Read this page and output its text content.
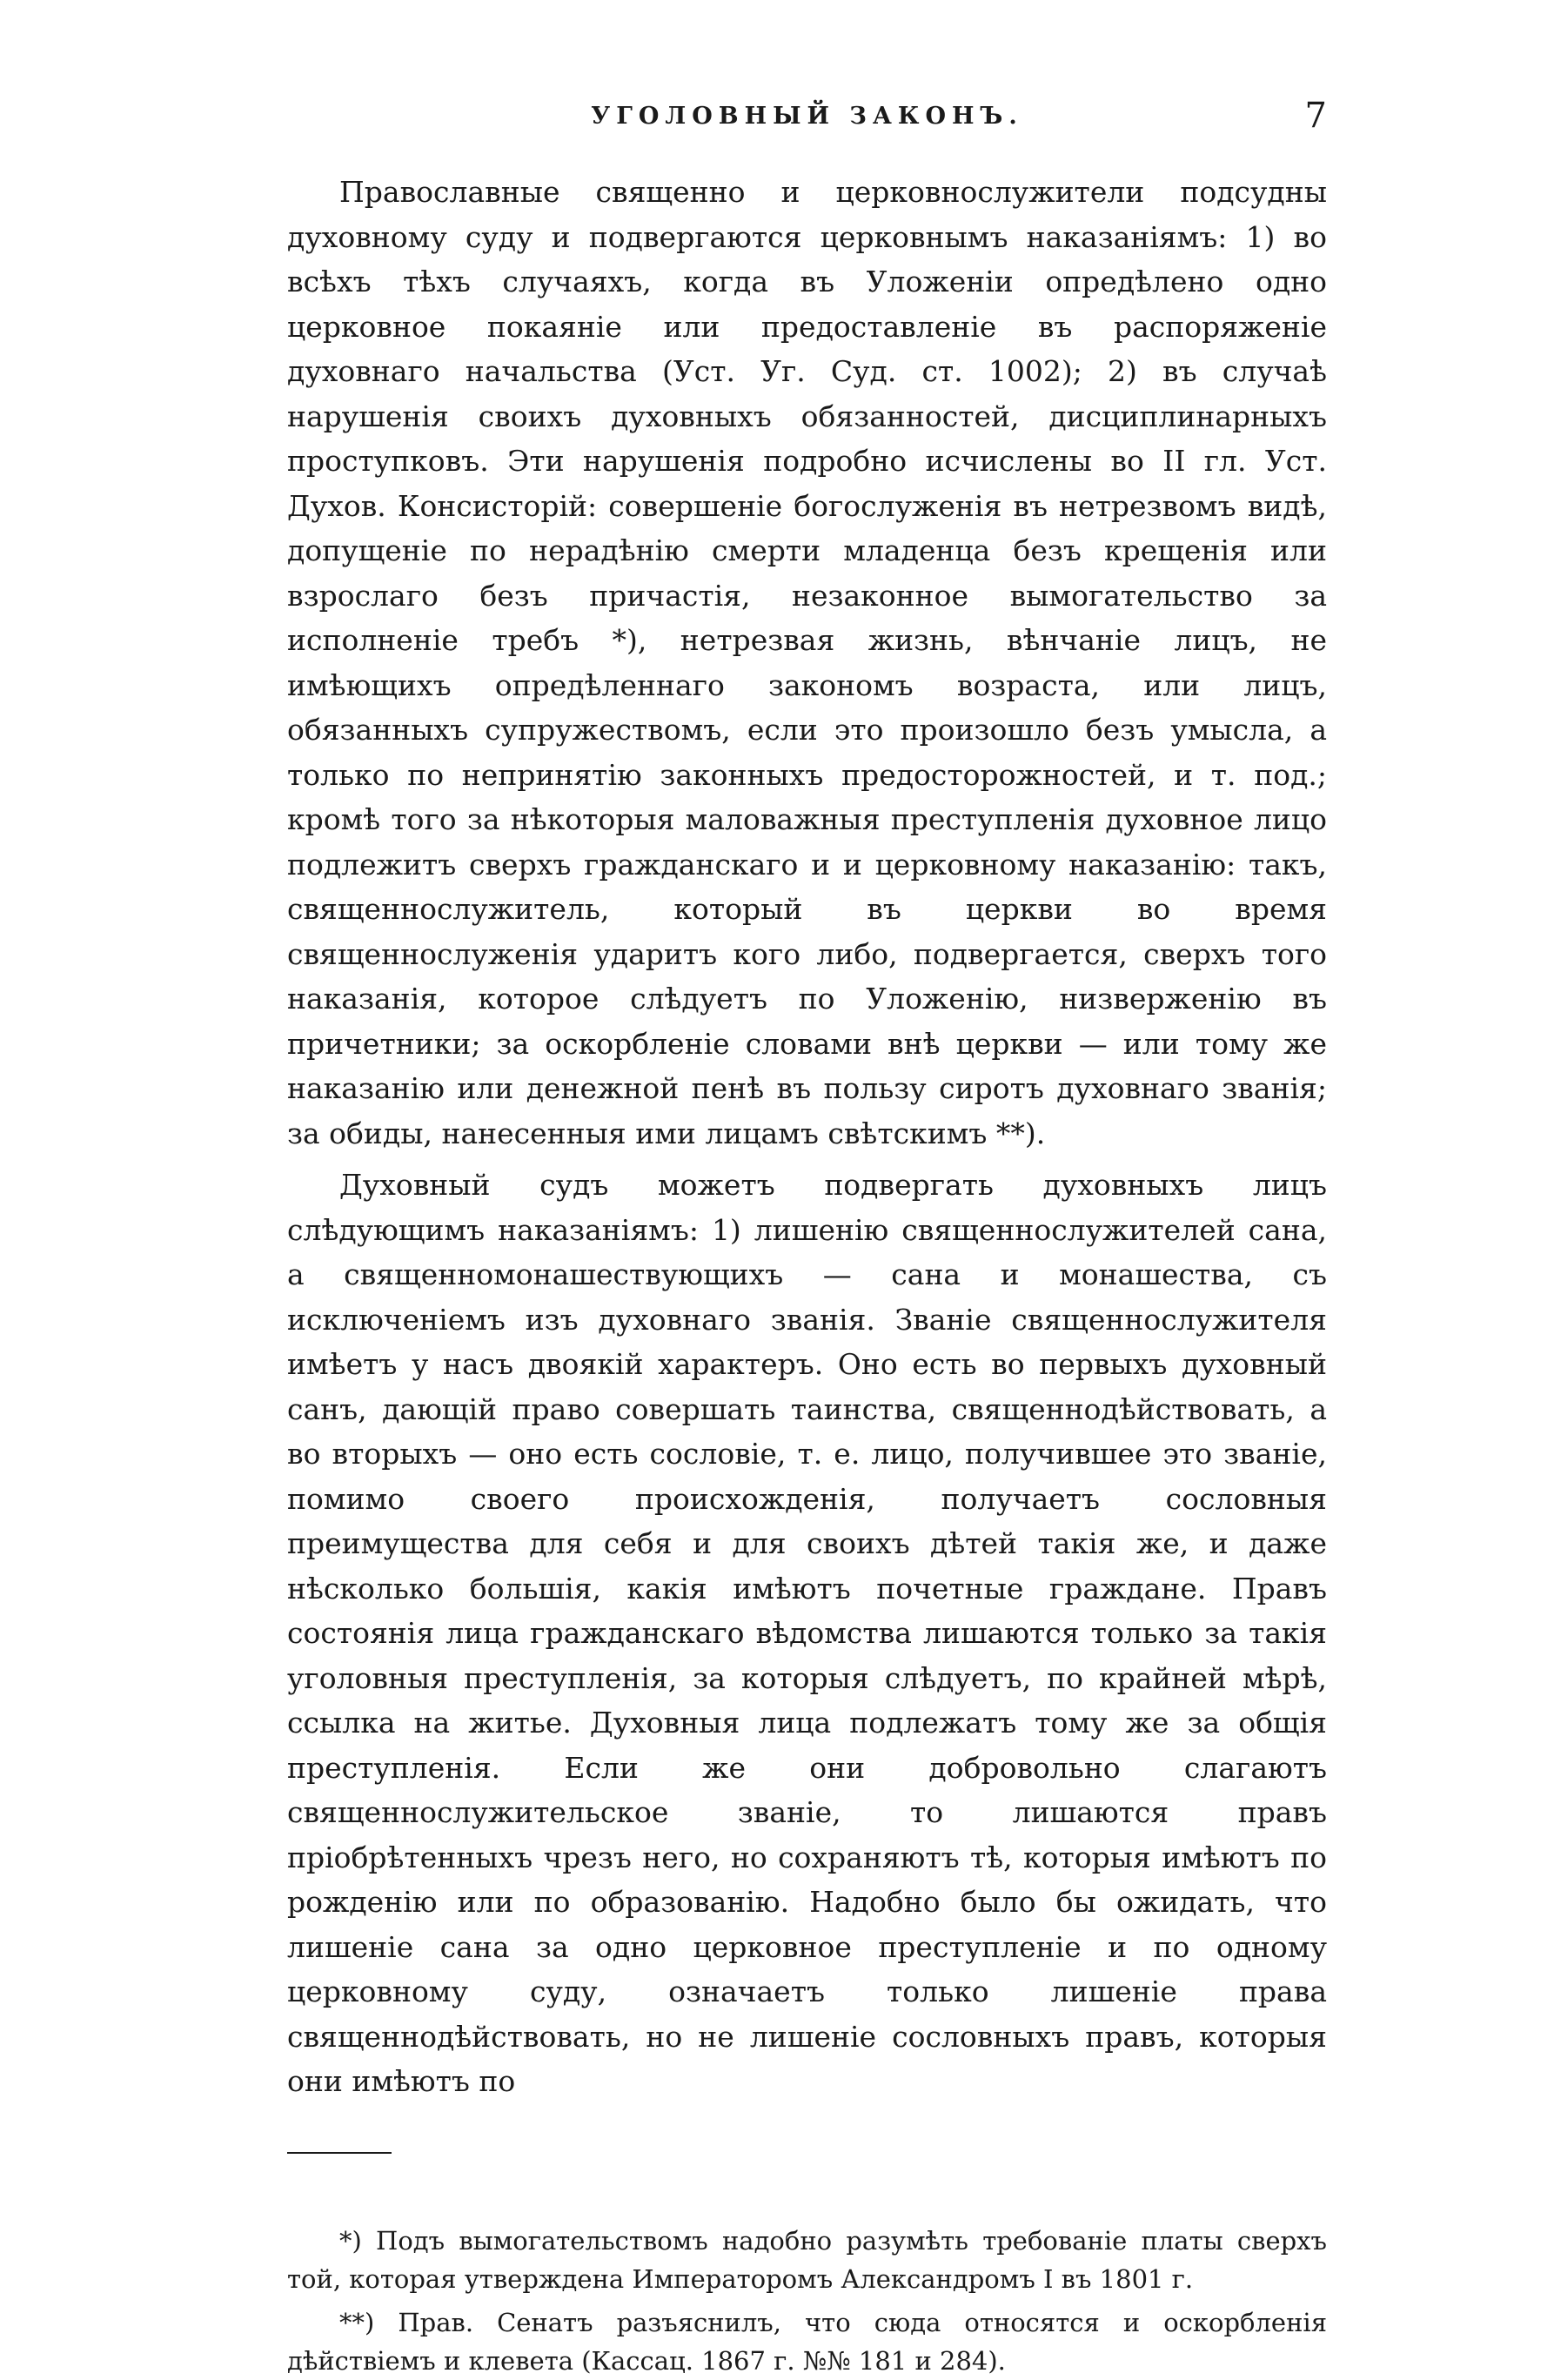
УГОЛОВНЫЙ ЗАКОНЪ.	7

Православные священно и церковнослужители подсудны духовному суду и подвергаются церковнымъ наказаніямъ: 1) во всѣхъ тѣхъ случаяхъ, когда въ Уложеніи опредѣлено одно церковное покаяніе или предоставленіе въ распоряженіе духовнаго начальства (Уст. Уг. Суд. ст. 1002); 2) въ случаѣ нарушенія своихъ духовныхъ обязанностей, дисциплинарныхъ проступковъ. Эти нарушенія подробно исчислены во II гл. Уст. Духов. Консисторій: совершеніе богослуженія въ нетрезвомъ видѣ, допущеніе по нерадѣнію смерти младенца безъ крещенія или взрослаго безъ причастія, незаконное вымогательство за исполненіе требъ *), нетрезвая жизнь, вѣнчаніе лицъ, не имѣющихъ опредѣленнаго закономъ возраста, или лицъ, обязанныхъ супружествомъ, если это произошло безъ умысла, а только по непринятію законныхъ предосторожностей, и т. под.; кромѣ того за нѣкоторыя маловажныя преступленія духовное лицо подлежитъ сверхъ гражданскаго и и церковному наказанію: такъ, священнослужитель, который въ церкви во время священнослуженія ударитъ кого либо, подвергается, сверхъ того наказанія, которое слѣдуетъ по Уложенію, низверженію въ причетники; за оскорбленіе словами внѣ церкви — или тому же наказанію или денежной пенѣ въ пользу сиротъ духовнаго званія; за обиды, нанесенныя ими лицамъ свѣтскимъ **).

Духовный судъ можетъ подвергать духовныхъ лицъ слѣдующимъ наказаніямъ: 1) лишенію священнослужителей сана, а священномонашествующихъ — сана и монашества, съ исключеніемъ изъ духовнаго званія. Званіе священнослужителя имѣетъ у насъ двоякій характеръ. Оно есть во первыхъ духовный санъ, дающій право совершать таинства, священнодѣйствовать, а во вторыхъ — оно есть сословіе, т. е. лицо, получившее это званіе, помимо своего происхожденія, получаетъ сословныя преимущества для себя и для своихъ дѣтей такія же, и даже нѣсколько большія, какія имѣютъ почетные граждане. Правъ состоянія лица гражданскаго вѣдомства лишаются только за такія уголовныя преступленія, за которыя слѣдуетъ, по крайней мѣрѣ, ссылка на житье. Духовныя лица подлежатъ тому же за общія преступленія. Если же они добровольно слагаютъ священнослужительское званіе, то лишаются правъ пріобрѣтенныхъ чрезъ него, но сохраняютъ тѣ, которыя имѣютъ по рожденію или по образованію. Надобно было бы ожидать, что лишеніе сана за одно церковное преступленіе и по одному церковному суду, означаетъ только лишеніе права священнодѣйствовать, но не лишеніе сословныхъ правъ, которыя они имѣютъ по

*) Подъ вымогательствомъ надобно разумѣть требованіе платы сверхъ той, которая утверждена Императоромъ Александромъ I въ 1801 г.

**) Прав. Сенатъ разъяснилъ, что сюда относятся и оскорбленія дѣйствіемъ и клевета (Кассац. 1867 г. №№ 181 и 284).
